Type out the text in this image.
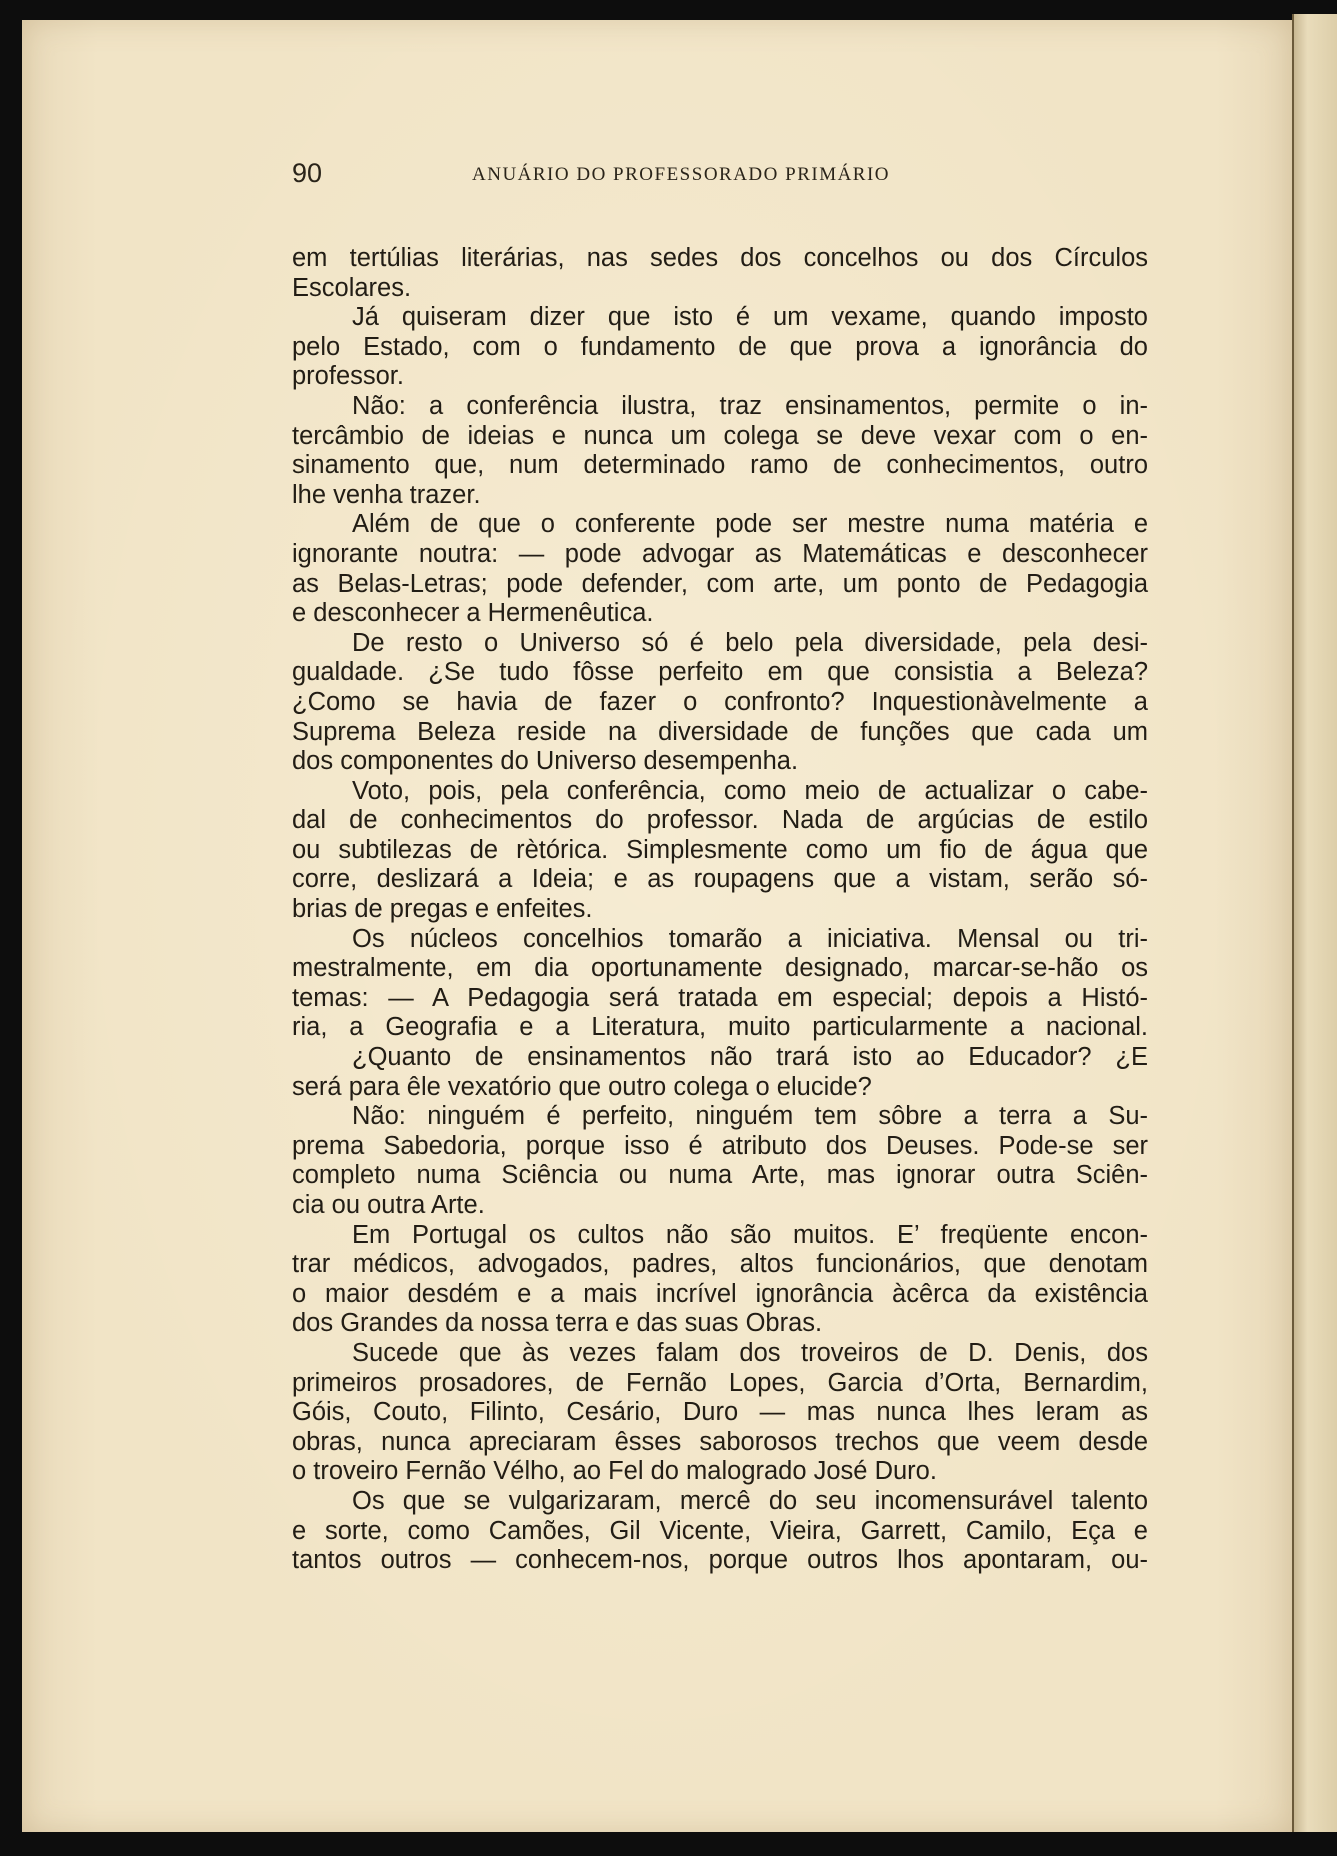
90	ANUÁRIO DO PROFESSORADO PRIMÁRIO
em tertúlias literárias, nas sedes dos concelhos ou dos Círculos
Escolares.
Já quiseram dizer que isto é um vexame, quando imposto
pelo Estado, com o fundamento de que prova a ignorância do
professor.
Não: a conferência ilustra, traz ensinamentos, permite o in-
tercâmbio de ideias e nunca um colega se deve vexar com o en-
sinamento que, num determinado ramo de conhecimentos, outro
lhe venha trazer.
Além de que o conferente pode ser mestre numa matéria e
ignorante noutra: — pode advogar as Matemáticas e desconhecer
as Belas-Letras; pode defender, com arte, um ponto de Pedagogia
e desconhecer a Hermenêutica.
De resto o Universo só é belo pela diversidade, pela desi-
gualdade. ¿Se tudo fôsse perfeito em que consistia a Beleza?
¿Como se havia de fazer o confronto? Inquestionàvelmente a
Suprema Beleza reside na diversidade de funções que cada um
dos componentes do Universo desempenha.
Voto, pois, pela conferência, como meio de actualizar o cabe-
dal de conhecimentos do professor. Nada de argúcias de estilo
ou subtilezas de rètórica. Simplesmente como um fio de água que
corre, deslizará a Ideia; e as roupagens que a vistam, serão só-
brias de pregas e enfeites.
Os núcleos concelhios tomarão a iniciativa. Mensal ou tri-
mestralmente, em dia oportunamente designado, marcar-se-hão os
temas: — A Pedagogia será tratada em especial; depois a Histó-
ria, a Geografia e a Literatura, muito particularmente a nacional.
¿Quanto de ensinamentos não trará isto ao Educador? ¿E
será para êle vexatório que outro colega o elucide?
Não: ninguém é perfeito, ninguém tem sôbre a terra a Su-
prema Sabedoria, porque isso é atributo dos Deuses. Pode-se ser
completo numa Sciência ou numa Arte, mas ignorar outra Sciên-
cia ou outra Arte.
Em Portugal os cultos não são muitos. E’ freqüente encon-
trar médicos, advogados, padres, altos funcionários, que denotam
o maior desdém e a mais incrível ignorância àcêrca da existência
dos Grandes da nossa terra e das suas Obras.
Sucede que às vezes falam dos troveiros de D. Denis, dos
primeiros prosadores, de Fernão Lopes, Garcia d’Orta, Bernardim,
Góis, Couto, Filinto, Cesário, Duro — mas nunca lhes leram as
obras, nunca apreciaram êsses saborosos trechos que veem desde
o troveiro Fernão Vélho, ao Fel do malogrado José Duro.
Os que se vulgarizaram, mercê do seu incomensurável talento
e sorte, como Camões, Gil Vicente, Vieira, Garrett, Camilo, Eça e
tantos outros — conhecem-nos, porque outros lhos apontaram, ou-
